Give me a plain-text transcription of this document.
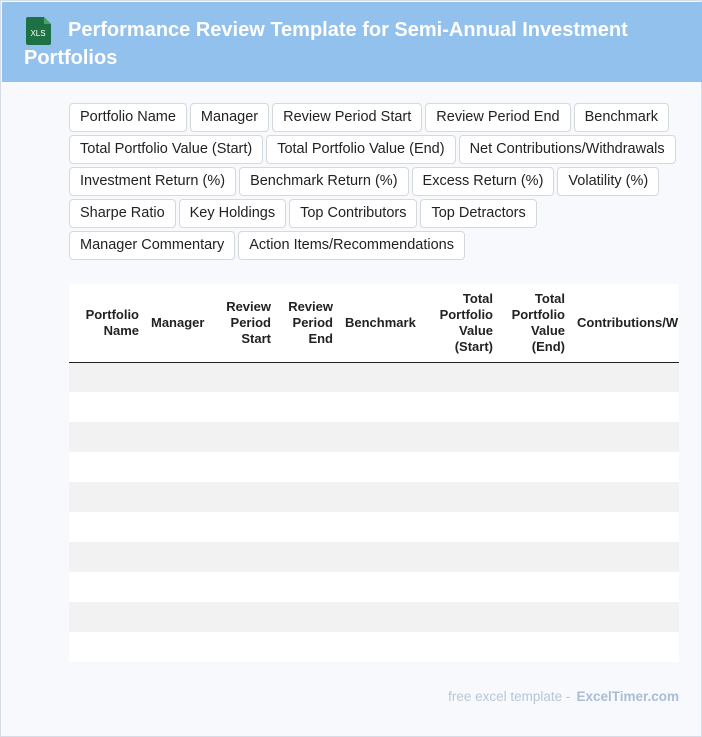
XLS	Performance Review Template for Semi-Annual Investment Portfolios
Portfolio Name	Manager	Review Period Start	Review Period End	Benchmark
Total Portfolio Value (Start)	Total Portfolio Value (End)	Net Contributions/Withdrawals
Investment Return (%)	Benchmark Return (%)	Excess Return (%)	Volatility (%)
Sharpe Ratio	Key Holdings	Top Contributors	Top Detractors
Manager Commentary	Action Items/Recommendations
Portfolio Name	Manager	Review Period Start	Review Period End	Benchmark	Total Portfolio Value (Start)	Total Portfolio Value (End)	Contributions/W

free excel template - ExcelTimer.com
